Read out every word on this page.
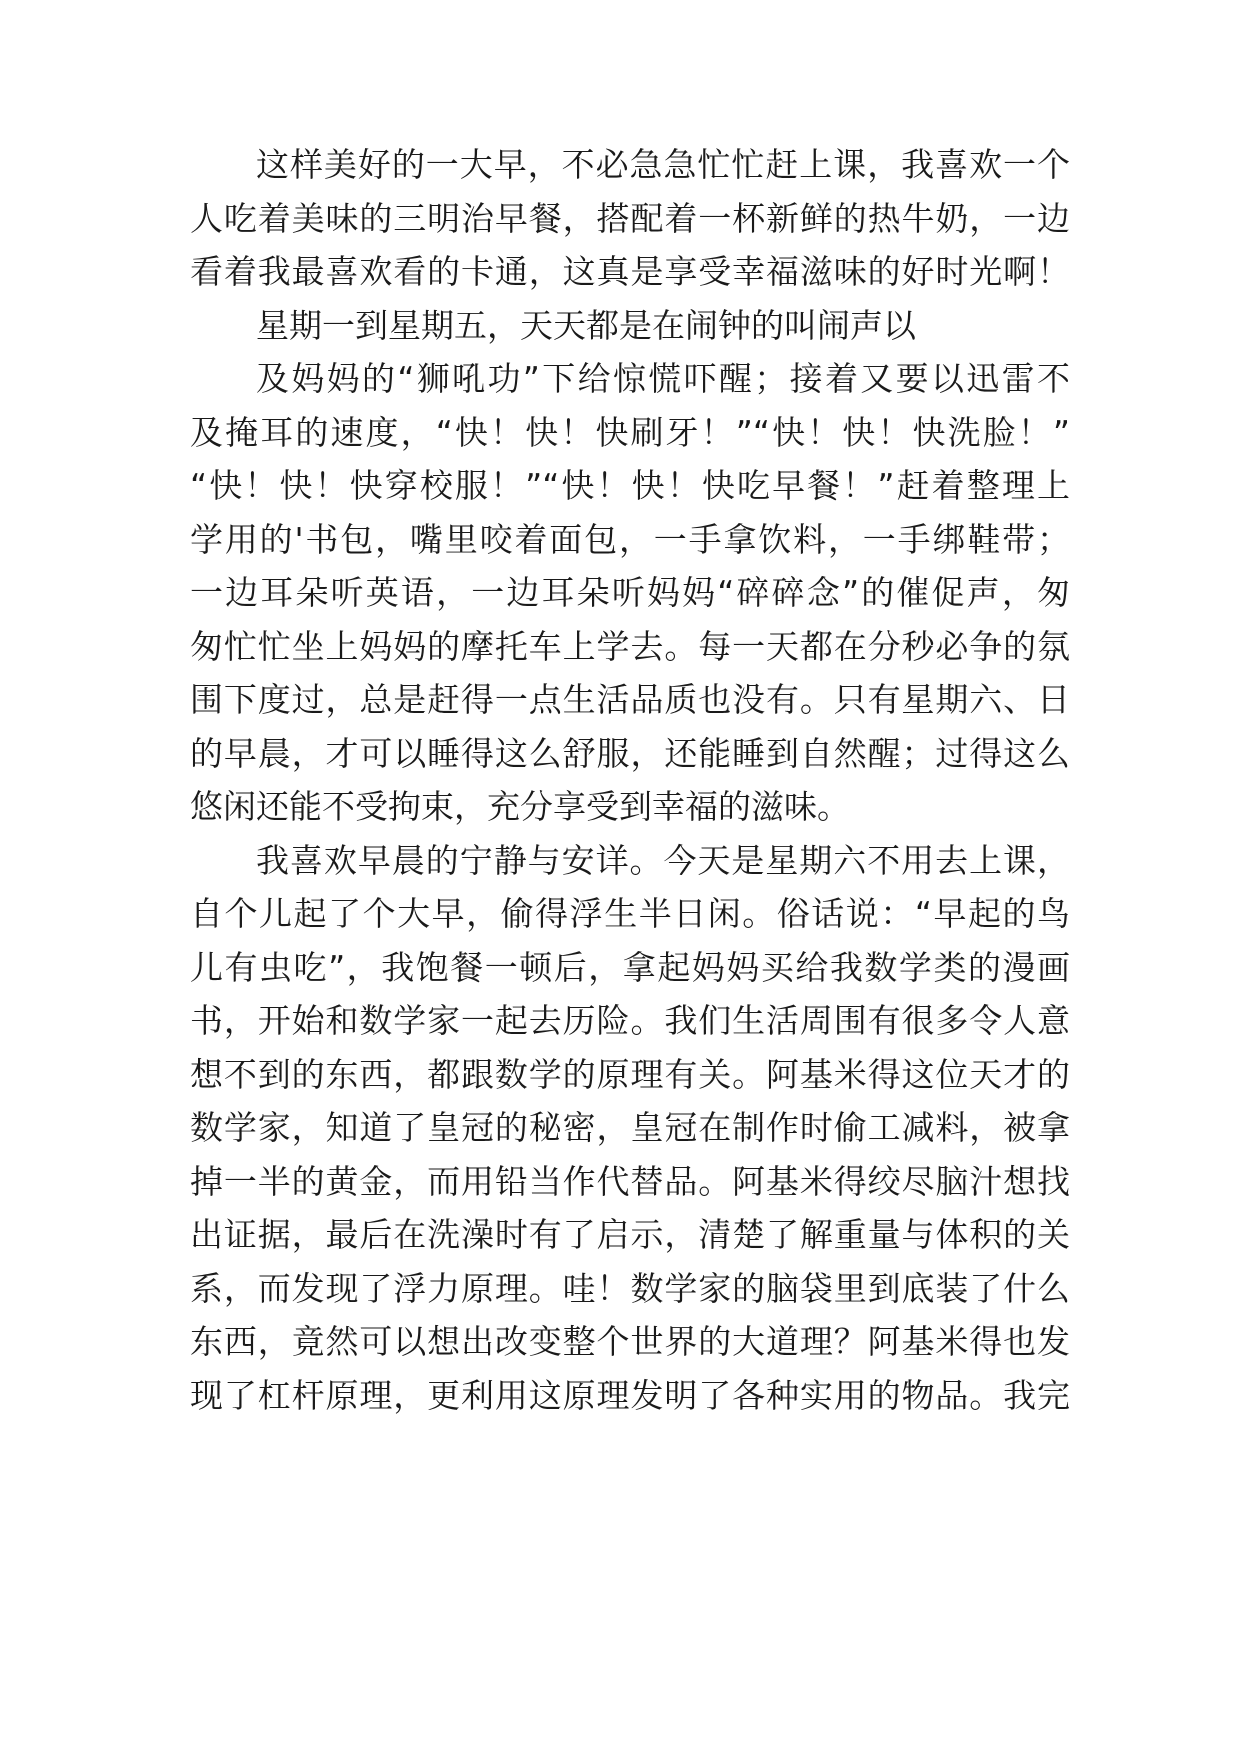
这样美好的一大早，不必急急忙忙赶上课，我喜欢一个
人吃着美味的三明治早餐，搭配着一杯新鲜的热牛奶，一边
看着我最喜欢看的卡通，这真是享受幸福滋味的好时光啊！
星期一到星期五，天天都是在闹钟的叫闹声以
及妈妈的“狮吼功”下给惊慌吓醒；接着又要以迅雷不
及掩耳的速度，“快！快！快刷牙！”“快！快！快洗脸！”
“快！快！快穿校服！”“快！快！快吃早餐！”赶着整理上
学用的'书包，嘴里咬着面包，一手拿饮料，一手绑鞋带；
一边耳朵听英语，一边耳朵听妈妈“碎碎念”的催促声，匆
匆忙忙坐上妈妈的摩托车上学去。每一天都在分秒必争的氛
围下度过，总是赶得一点生活品质也没有。只有星期六、日
的早晨，才可以睡得这么舒服，还能睡到自然醒；过得这么
悠闲还能不受拘束，充分享受到幸福的滋味。
我喜欢早晨的宁静与安详。今天是星期六不用去上课，
自个儿起了个大早，偷得浮生半日闲。俗话说：“早起的鸟
儿有虫吃”，我饱餐一顿后，拿起妈妈买给我数学类的漫画
书，开始和数学家一起去历险。我们生活周围有很多令人意
想不到的东西，都跟数学的原理有关。阿基米得这位天才的
数学家，知道了皇冠的秘密，皇冠在制作时偷工减料，被拿
掉一半的黄金，而用铅当作代替品。阿基米得绞尽脑汁想找
出证据，最后在洗澡时有了启示，清楚了解重量与体积的关
系，而发现了浮力原理。哇！数学家的脑袋里到底装了什么
东西，竟然可以想出改变整个世界的大道理？阿基米得也发
现了杠杆原理，更利用这原理发明了各种实用的物品。我完
